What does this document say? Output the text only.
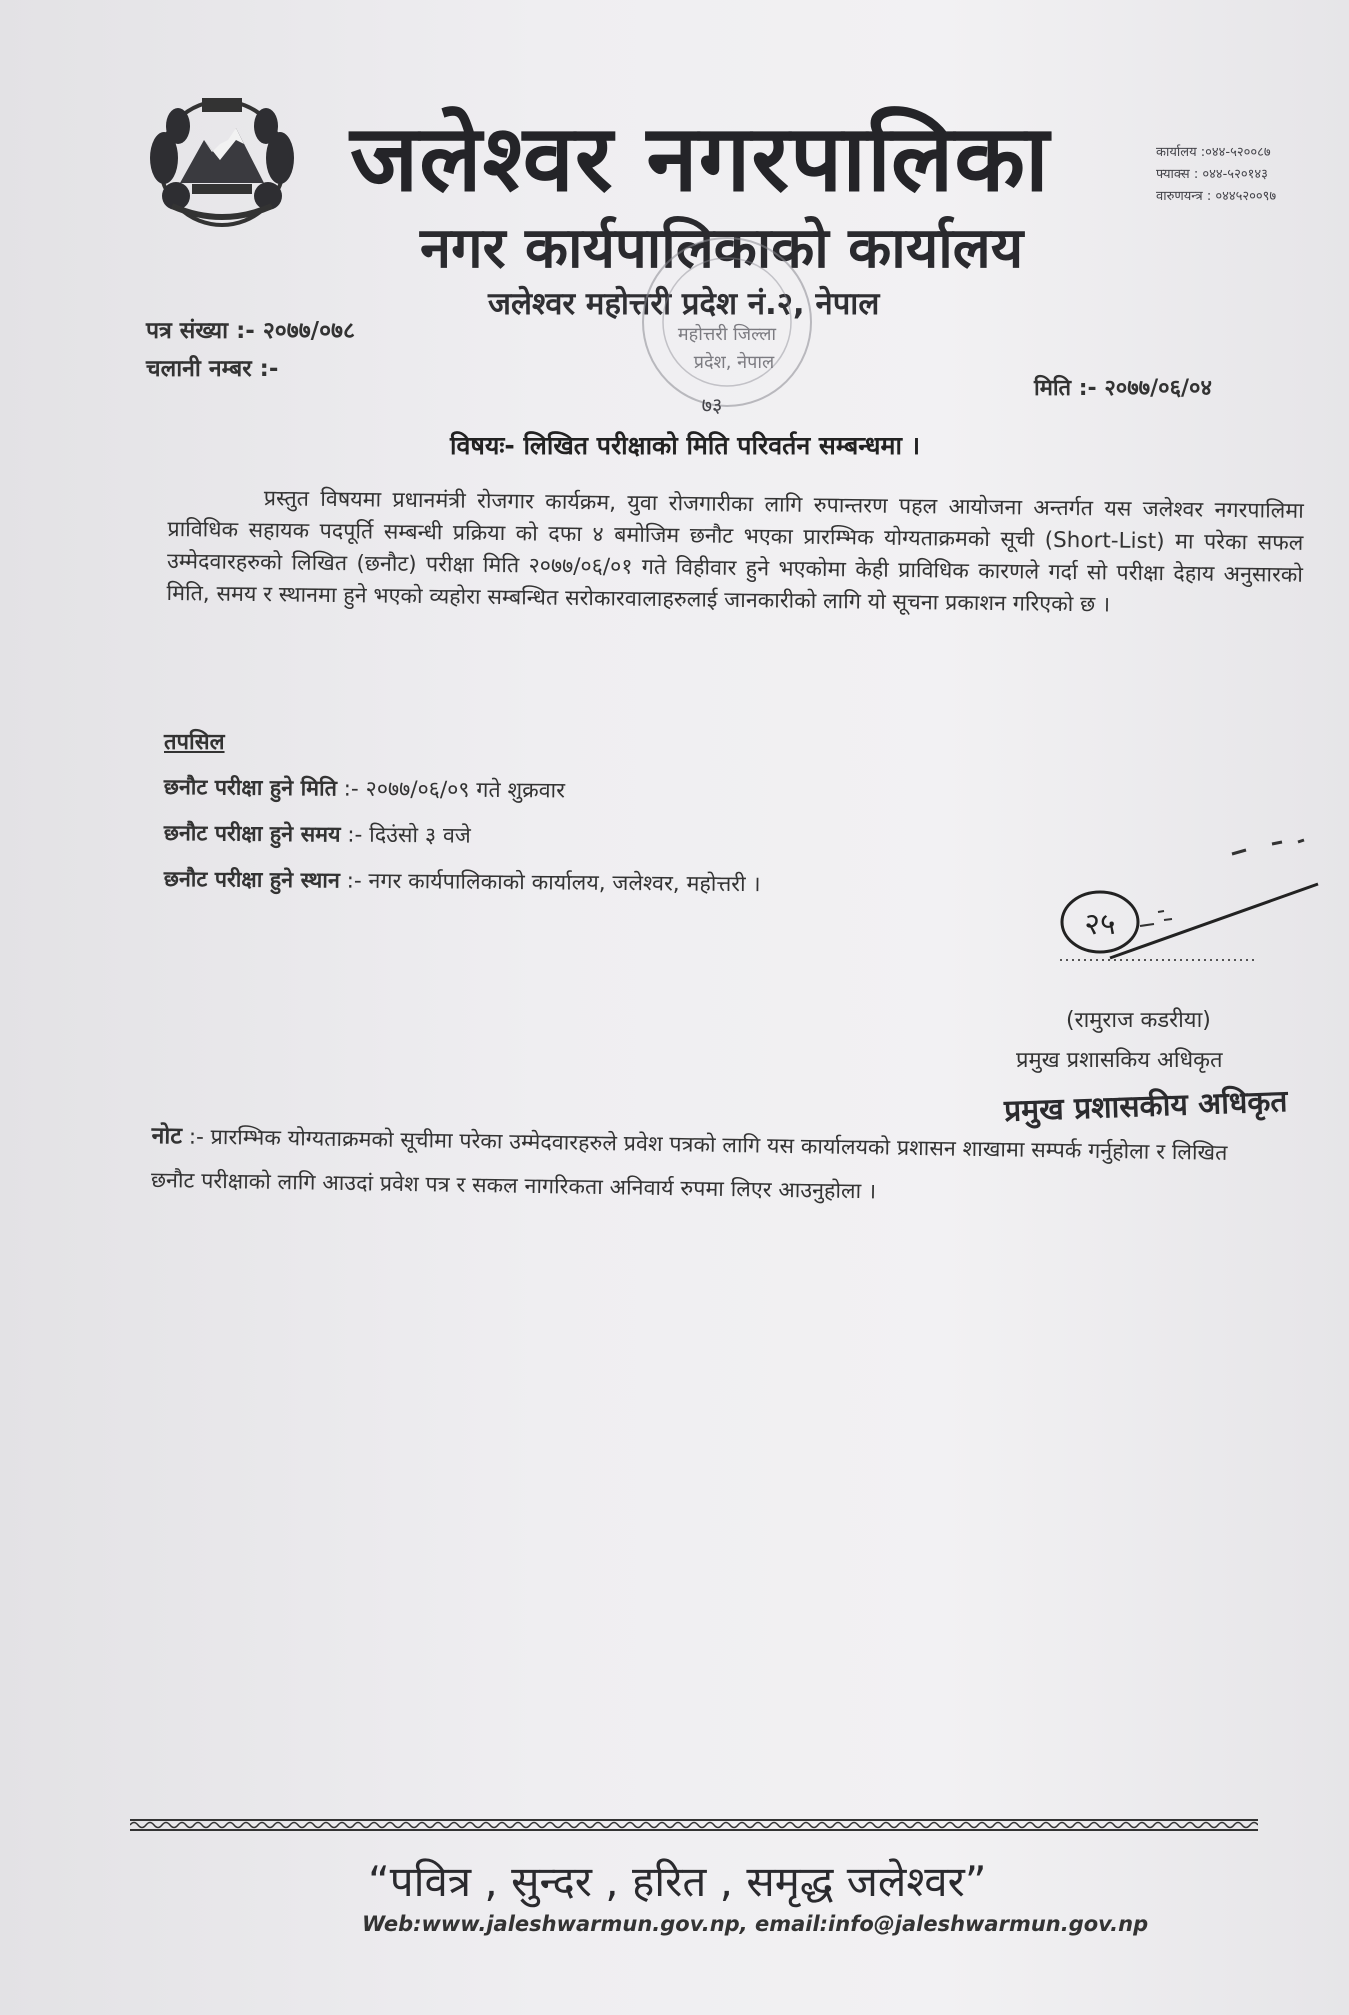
जलेश्वर नगरपालिका
नगर कार्यपालिकाको कार्यालय
जलेश्वर महोत्तरी प्रदेश नं.२, नेपाल
कार्यालय :०४४-५२००८७
फ्याक्स : ०४४-५२०१४३
वारुणयन्त्र : ०४४५२००९७
महोत्तरी जिल्ला
प्रदेश, नेपाल
७३
पत्र संख्या :- २०७७/०७८
चलानी नम्बर :-
मिति :- २०७७/०६/०४
विषयः- लिखित परीक्षाको मिति परिवर्तन सम्बन्धमा ।

प्रस्तुत विषयमा प्रधानमंत्री रोजगार कार्यक्रम, युवा रोजगारीका लागि रुपान्तरण पहल आयोजना अन्तर्गत यस जलेश्वर नगरपालिमा प्राविधिक सहायक पदपूर्ति सम्बन्धी प्रक्रिया को दफा ४ बमोजिम छनौट भएका प्रारम्भिक योग्यताक्रमको सूची (Short-List) मा परेका सफल उम्मेदवारहरुको लिखित (छनौट) परीक्षा मिति २०७७/०६/०१ गते विहीवार हुने भएकोमा केही प्राविधिक कारणले गर्दा सो परीक्षा देहाय अनुसारको मिति, समय र स्थानमा हुने भएको व्यहोरा सम्बन्धित सरोकारवालाहरुलाई जानकारीको लागि यो सूचना प्रकाशन गरिएको छ ।

तपसिल
छनौट परीक्षा हुने मिति :- २०७७/०६/०९ गते शुक्रवार
छनौट परीक्षा हुने समय :- दिउंसो ३ वजे
छनौट परीक्षा हुने स्थान :- नगर कार्यपालिकाको कार्यालय, जलेश्वर, महोत्तरी ।
२५
(रामुराज कडरीया)
प्रमुख प्रशासकिय अधिकृत
प्रमुख प्रशासकीय अधिकृत
नोट :- प्रारम्भिक योग्यताक्रमको सूचीमा परेका उम्मेदवारहरुले प्रवेश पत्रको लागि यस कार्यालयको प्रशासन शाखामा सम्पर्क गर्नुहोला र लिखित छनौट परीक्षाको लागि आउदां प्रवेश पत्र र सकल नागरिकता अनिवार्य रुपमा लिएर आउनुहोला ।
“पवित्र , सुन्दर , हरित , समृद्ध जलेश्वर”
Web:www.jaleshwarmun.gov.np, email:info@jaleshwarmun.gov.np
